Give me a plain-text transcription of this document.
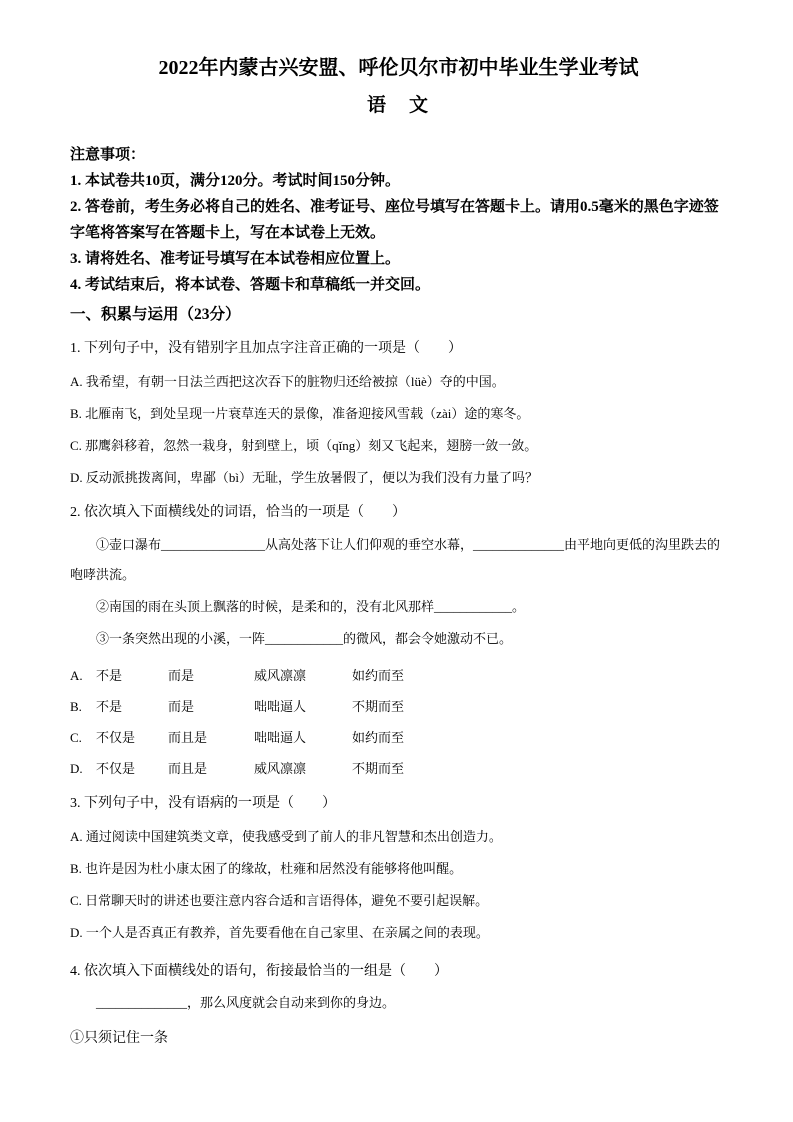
2022年内蒙古兴安盟、呼伦贝尔市初中毕业生学业考试
语　文

注意事项：

1. 本试卷共10页，满分120分。考试时间150分钟。

2. 答卷前，考生务必将自己的姓名、准考证号、座位号填写在答题卡上。请用0.5毫米的黑色字迹签字笔将答案写在答题卡上，写在本试卷上无效。

3. 请将姓名、准考证号填写在本试卷相应位置上。

4. 考试结束后，将本试卷、答题卡和草稿纸一并交回。

一、积累与运用（23分）

1. 下列句子中，没有错别字且加点字注音正确的一项是（　　）

A. 我希望，有朝一日法兰西把这次吞下的脏物归还给被掠（lüè）夺的中国。

B. 北雁南飞，到处呈现一片衰草连天的景像，准备迎接风雪载（zài）途的寒冬。

C. 那鹰斜移着，忽然一栽身，射到壁上，顷（qǐng）刻又飞起来，翅膀一敛一敛。

D. 反动派挑拨离间，卑鄙（bì）无耻，学生放暑假了，便以为我们没有力量了吗？

2. 依次填入下面横线处的词语，恰当的一项是（　　）

①壶口瀑布________________从高处落下让人们仰观的垂空水幕，______________由平地向更低的沟里跌去的咆哮洪流。

②南国的雨在头顶上飘落的时候，是柔和的，没有北风那样____________。

③一条突然出现的小溪，一阵____________的微风，都会令她激动不已。

A. 不是	而是	威风凛凛	如约而至
B. 不是	而是	咄咄逼人	不期而至
C. 不仅是	而且是	咄咄逼人	如约而至
D. 不仅是	而且是	威风凛凛	不期而至

3. 下列句子中，没有语病的一项是（　　）

A. 通过阅读中国建筑类文章，使我感受到了前人的非凡智慧和杰出创造力。

B. 也许是因为杜小康太困了的缘故，杜雍和居然没有能够将他叫醒。

C. 日常聊天时的讲述也要注意内容合适和言语得体，避免不要引起误解。

D. 一个人是否真正有教养，首先要看他在自己家里、在亲属之间的表现。

4. 依次填入下面横线处的语句，衔接最恰当的一组是（　　）

______________，那么风度就会自动来到你的身边。

①只须记住一条
